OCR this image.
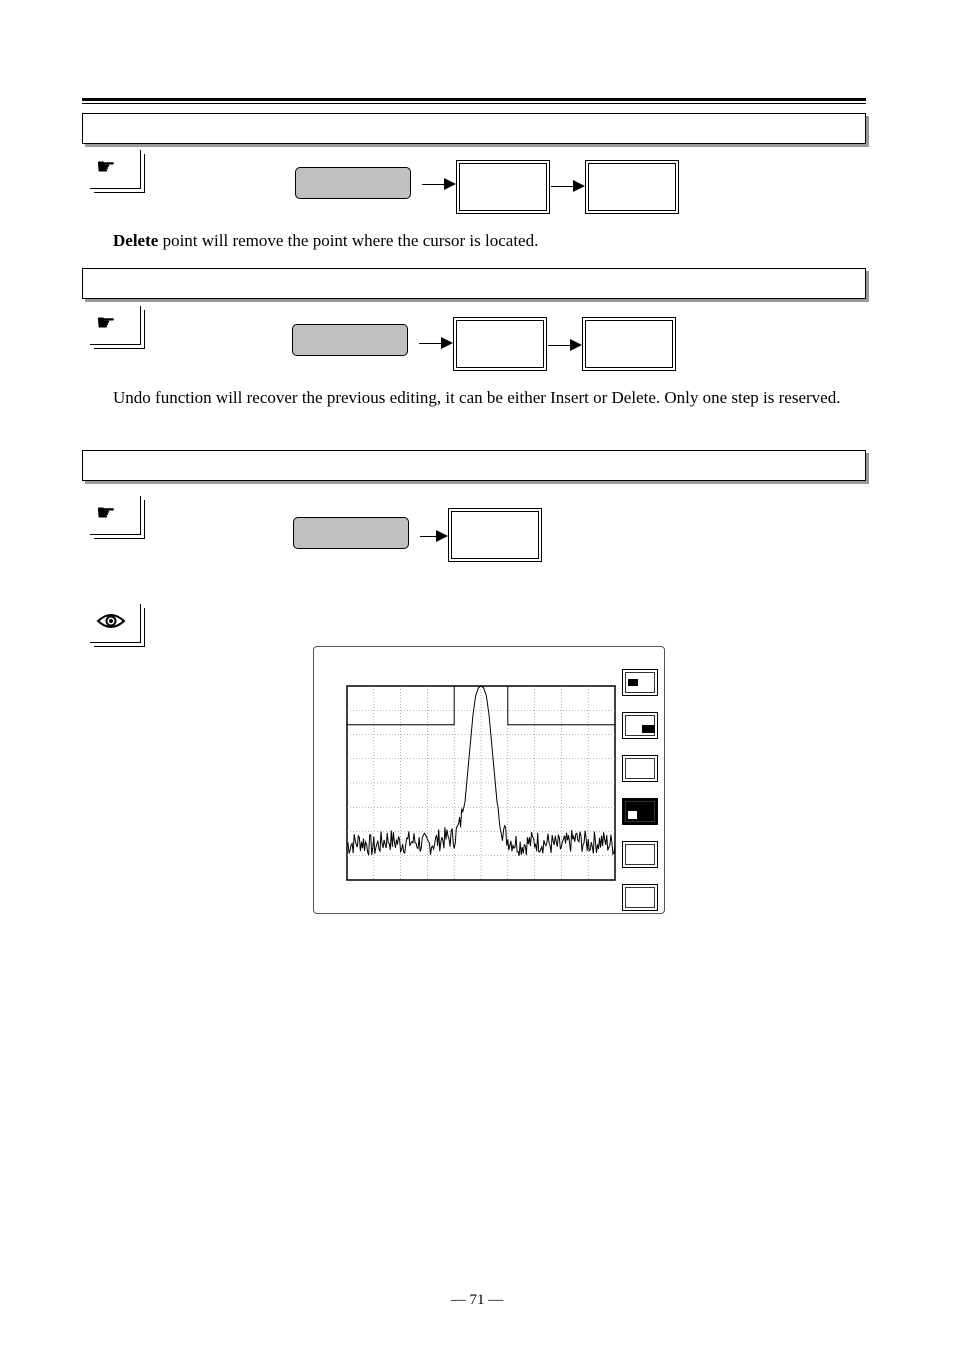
☛
Delete point will remove the point where the cursor is located.
☛
Undo function will recover the previous editing, it can be either Insert or Delete. Only one step is reserved.
☛
— 71 —
